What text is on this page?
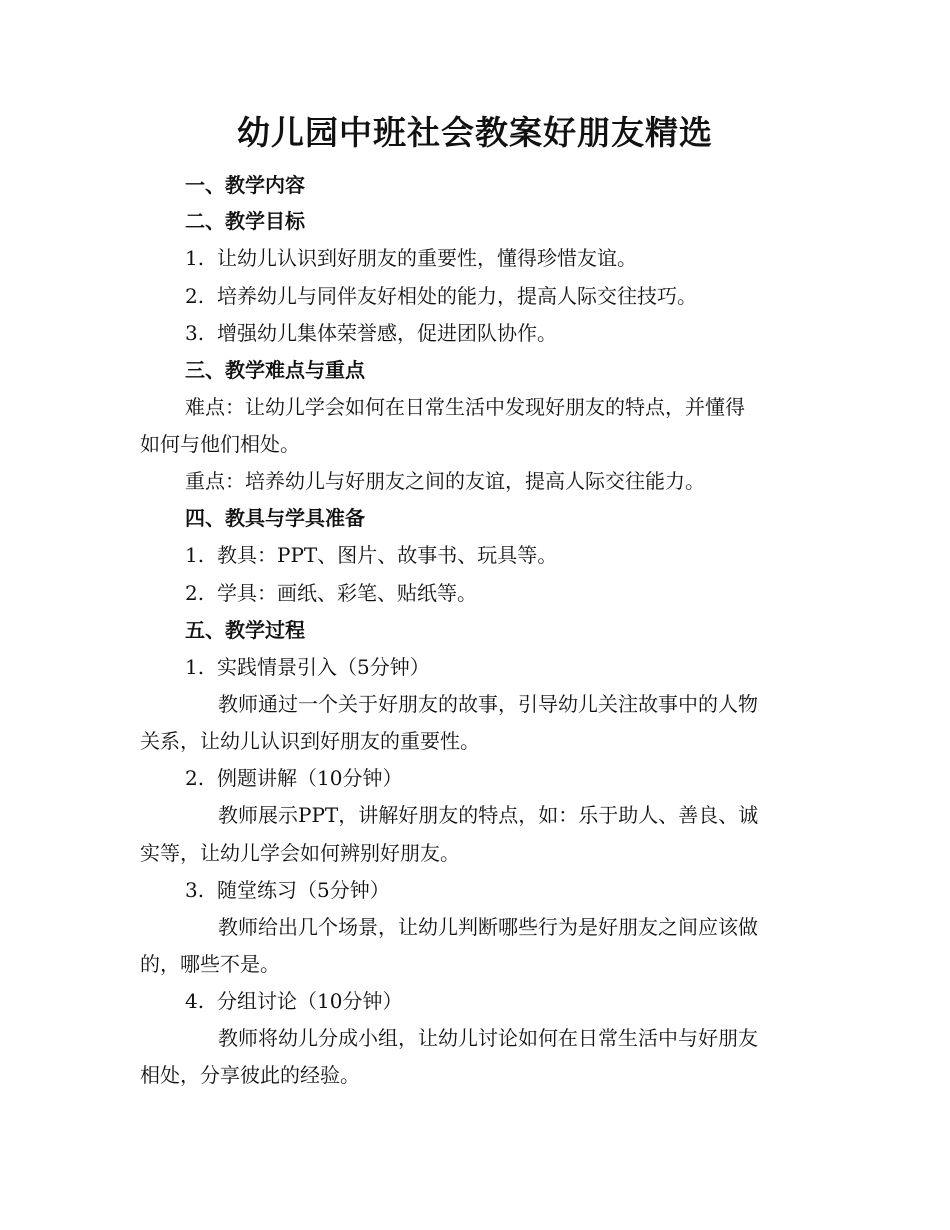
幼儿园中班社会教案好朋友精选

一、教学内容

二、教学目标

1. 让幼儿认识到好朋友的重要性，懂得珍惜友谊。

2. 培养幼儿与同伴友好相处的能力，提高人际交往技巧。

3. 增强幼儿集体荣誉感，促进团队协作。

三、教学难点与重点

难点：让幼儿学会如何在日常生活中发现好朋友的特点，并懂得

如何与他们相处。

重点：培养幼儿与好朋友之间的友谊，提高人际交往能力。

四、教具与学具准备

1. 教具：PPT、图片、故事书、玩具等。

2. 学具：画纸、彩笔、贴纸等。

五、教学过程

1. 实践情景引入（5分钟）

教师通过一个关于好朋友的故事，引导幼儿关注故事中的人物

关系，让幼儿认识到好朋友的重要性。

2. 例题讲解（10分钟）

教师展示PPT，讲解好朋友的特点，如：乐于助人、善良、诚

实等，让幼儿学会如何辨别好朋友。

3. 随堂练习（5分钟）

教师给出几个场景，让幼儿判断哪些行为是好朋友之间应该做

的，哪些不是。

4. 分组讨论（10分钟）

教师将幼儿分成小组，让幼儿讨论如何在日常生活中与好朋友

相处，分享彼此的经验。
